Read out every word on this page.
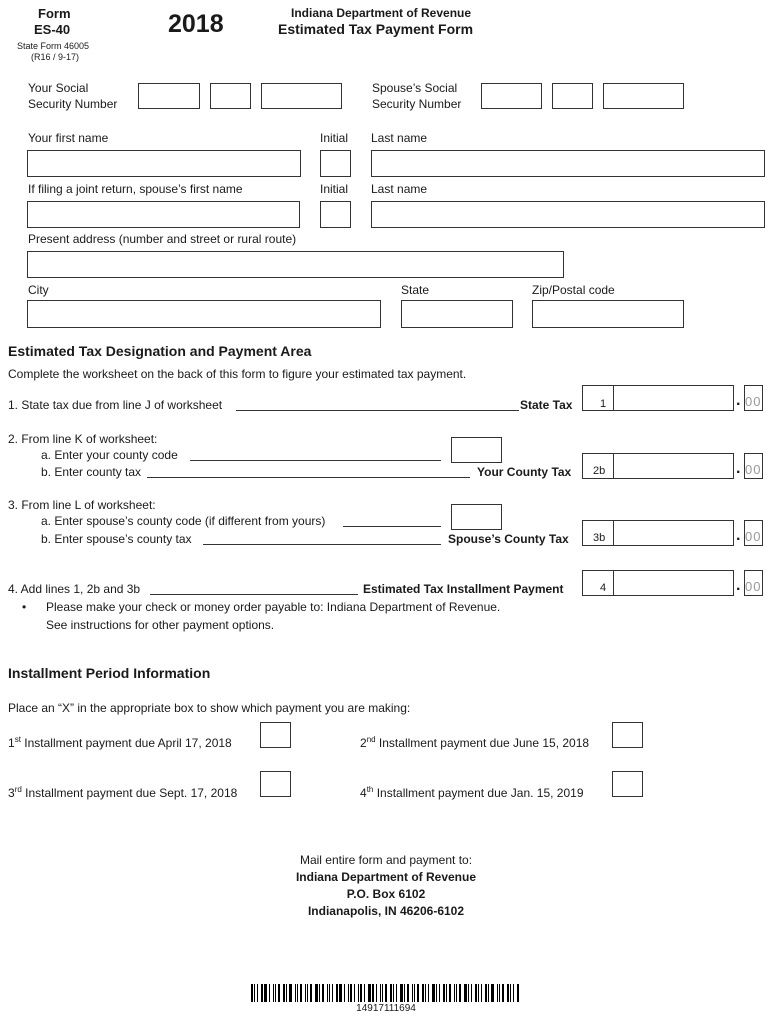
Form
ES-40
State Form 46005
(R16 / 9-17)
2018	Indiana Department of Revenue
Estimated Tax Payment Form
Your Social
Security Number
Spouse’s Social
Security Number
Your first name	Initial Last name
If filing a joint return, spouse’s first name	Initial Last name
Present address (number and street or rural route)
City	State	Zip/Postal code
Estimated Tax Designation and Payment Area
Complete the worksheet on the back of this form to figure your estimated tax payment.
1. State tax due from line J of worksheet	State Tax	1	. 00
2. From line K of worksheet:
a. Enter your county code
b. Enter county tax	Your County Tax 2b	. 00
3. From line L of worksheet:
a. Enter spouse’s county code (if different from yours)
b. Enter spouse’s county tax	Spouse’s County Tax 3b	. 00
4. Add lines 1, 2b and 3b	Estimated Tax Installment Payment	4	. 00
• Please make your check or money order payable to: Indiana Department of Revenue.
See instructions for other payment options.
Installment Period Information
Place an “X” in the appropriate box to show which payment you are making:
1st Installment payment due April 17, 2018	2nd Installment payment due June 15, 2018
3rd Installment payment due Sept. 17, 2018	4th Installment payment due Jan. 15, 2019
Mail entire form and payment to:
Indiana Department of Revenue
P.O. Box 6102
Indianapolis, IN 46206-6102
14917111694
